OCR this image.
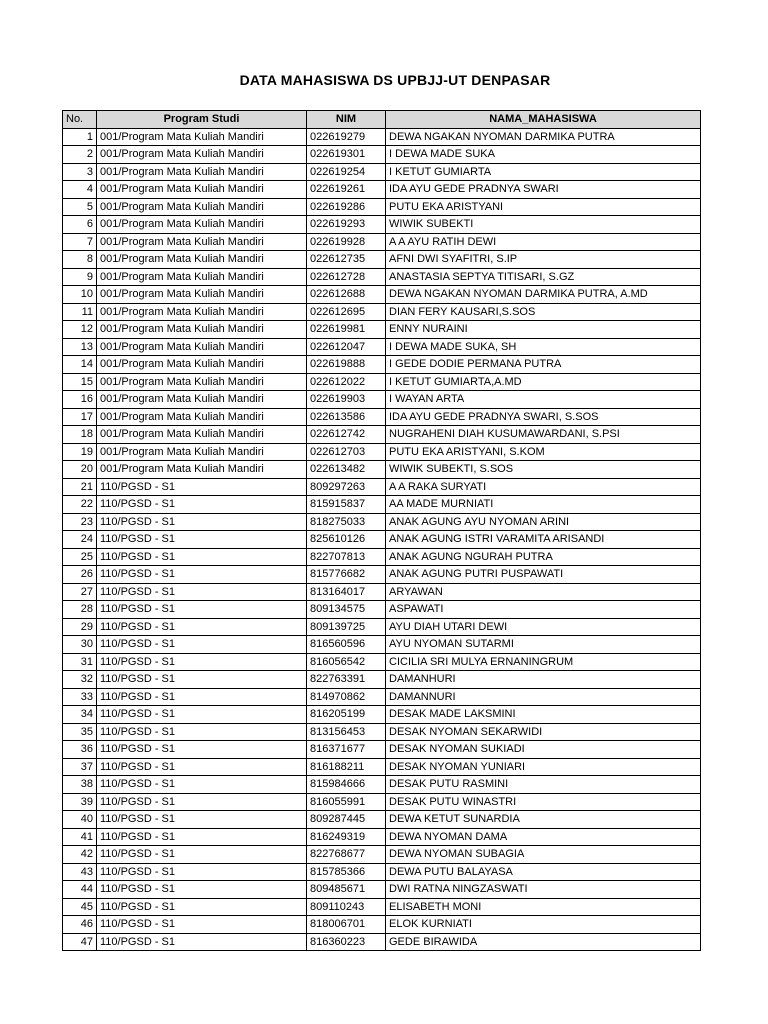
DATA MAHASISWA DS UPBJJ-UT DENPASAR
No.	Program Studi	NIM	NAMA_MAHASISWA
1	001/Program Mata Kuliah Mandiri	022619279	DEWA NGAKAN NYOMAN DARMIKA PUTRA
2	001/Program Mata Kuliah Mandiri	022619301	I DEWA MADE SUKA
3	001/Program Mata Kuliah Mandiri	022619254	I KETUT GUMIARTA
4	001/Program Mata Kuliah Mandiri	022619261	IDA AYU GEDE PRADNYA SWARI
5	001/Program Mata Kuliah Mandiri	022619286	PUTU EKA ARISTYANI
6	001/Program Mata Kuliah Mandiri	022619293	WIWIK SUBEKTI
7	001/Program Mata Kuliah Mandiri	022619928	A A AYU RATIH DEWI
8	001/Program Mata Kuliah Mandiri	022612735	AFNI DWI SYAFITRI, S.IP
9	001/Program Mata Kuliah Mandiri	022612728	ANASTASIA SEPTYA TITISARI, S.GZ
10	001/Program Mata Kuliah Mandiri	022612688	DEWA NGAKAN NYOMAN DARMIKA PUTRA, A.MD
11	001/Program Mata Kuliah Mandiri	022612695	DIAN FERY KAUSARI,S.SOS
12	001/Program Mata Kuliah Mandiri	022619981	ENNY NURAINI
13	001/Program Mata Kuliah Mandiri	022612047	I DEWA MADE SUKA, SH
14	001/Program Mata Kuliah Mandiri	022619888	I GEDE DODIE PERMANA PUTRA
15	001/Program Mata Kuliah Mandiri	022612022	I KETUT GUMIARTA,A.MD
16	001/Program Mata Kuliah Mandiri	022619903	I WAYAN ARTA
17	001/Program Mata Kuliah Mandiri	022613586	IDA AYU GEDE PRADNYA SWARI, S.SOS
18	001/Program Mata Kuliah Mandiri	022612742	NUGRAHENI DIAH KUSUMAWARDANI, S.PSI
19	001/Program Mata Kuliah Mandiri	022612703	PUTU EKA ARISTYANI, S.KOM
20	001/Program Mata Kuliah Mandiri	022613482	WIWIK SUBEKTI, S.SOS
21	110/PGSD - S1	809297263	A A RAKA SURYATI
22	110/PGSD - S1	815915837	AA MADE MURNIATI
23	110/PGSD - S1	818275033	ANAK AGUNG AYU NYOMAN ARINI
24	110/PGSD - S1	825610126	ANAK AGUNG ISTRI VARAMITA ARISANDI
25	110/PGSD - S1	822707813	ANAK AGUNG NGURAH PUTRA
26	110/PGSD - S1	815776682	ANAK AGUNG PUTRI PUSPAWATI
27	110/PGSD - S1	813164017	ARYAWAN
28	110/PGSD - S1	809134575	ASPAWATI
29	110/PGSD - S1	809139725	AYU DIAH UTARI DEWI
30	110/PGSD - S1	816560596	AYU NYOMAN SUTARMI
31	110/PGSD - S1	816056542	CICILIA SRI MULYA ERNANINGRUM
32	110/PGSD - S1	822763391	DAMANHURI
33	110/PGSD - S1	814970862	DAMANNURI
34	110/PGSD - S1	816205199	DESAK MADE LAKSMINI
35	110/PGSD - S1	813156453	DESAK NYOMAN SEKARWIDI
36	110/PGSD - S1	816371677	DESAK NYOMAN SUKIADI
37	110/PGSD - S1	816188211	DESAK NYOMAN YUNIARI
38	110/PGSD - S1	815984666	DESAK PUTU RASMINI
39	110/PGSD - S1	816055991	DESAK PUTU WINASTRI
40	110/PGSD - S1	809287445	DEWA KETUT SUNARDIA
41	110/PGSD - S1	816249319	DEWA NYOMAN DAMA
42	110/PGSD - S1	822768677	DEWA NYOMAN SUBAGIA
43	110/PGSD - S1	815785366	DEWA PUTU BALAYASA
44	110/PGSD - S1	809485671	DWI RATNA NINGZASWATI
45	110/PGSD - S1	809110243	ELISABETH MONI
46	110/PGSD - S1	818006701	ELOK KURNIATI
47	110/PGSD - S1	816360223	GEDE BIRAWIDA
